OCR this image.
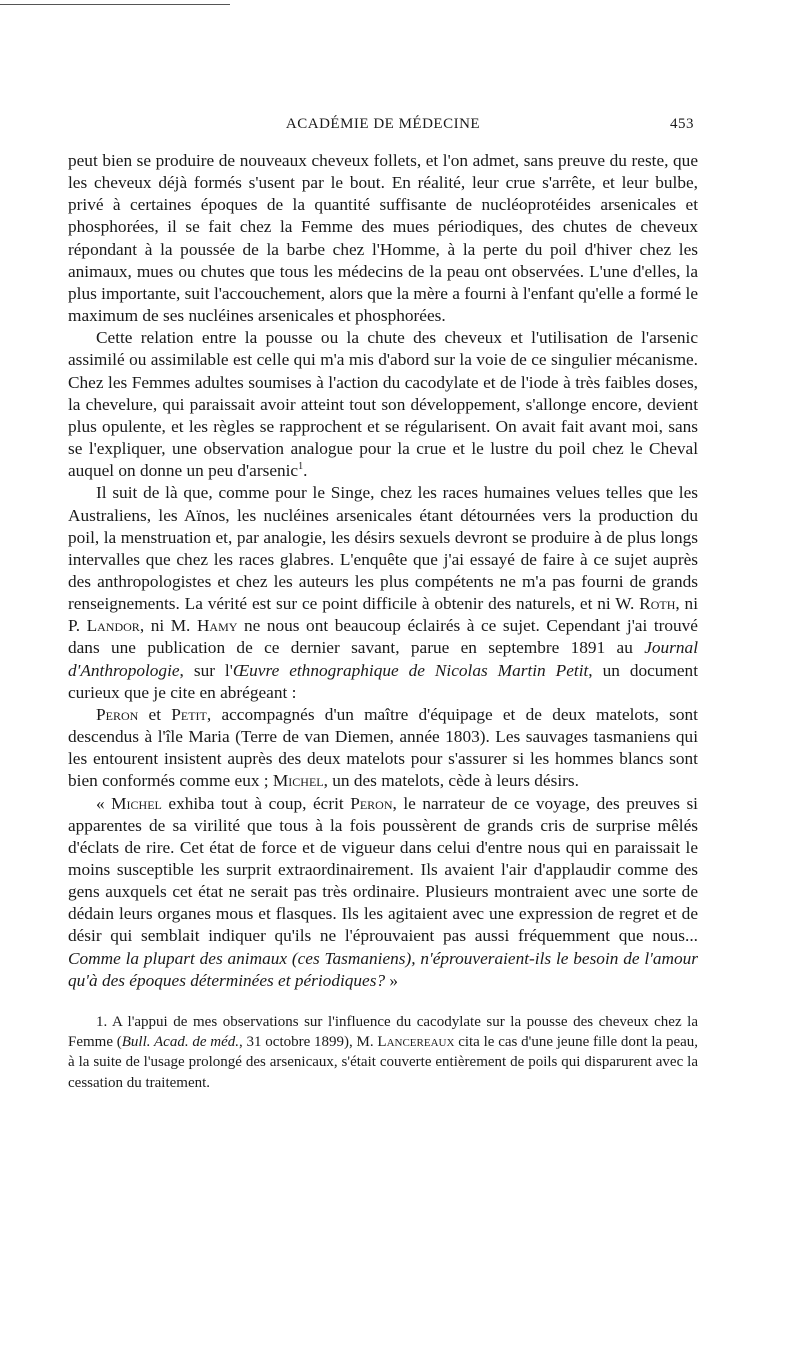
ACADÉMIE DE MÉDECINE	453

peut bien se produire de nouveaux cheveux follets, et l'on admet, sans preuve du reste, que les cheveux déjà formés s'usent par le bout. En réalité, leur crue s'arrête, et leur bulbe, privé à certaines époques de la quantité suffisante de nucléoprotéides arsenicales et phosphorées, il se fait chez la Femme des mues périodiques, des chutes de cheveux répondant à la poussée de la barbe chez l'Homme, à la perte du poil d'hiver chez les animaux, mues ou chutes que tous les médecins de la peau ont observées. L'une d'elles, la plus importante, suit l'accouchement, alors que la mère a fourni à l'enfant qu'elle a formé le maximum de ses nucléines arsenicales et phosphorées.

Cette relation entre la pousse ou la chute des cheveux et l'utilisation de l'arsenic assimilé ou assimilable est celle qui m'a mis d'abord sur la voie de ce singulier mécanisme. Chez les Femmes adultes soumises à l'action du cacodylate et de l'iode à très faibles doses, la chevelure, qui paraissait avoir atteint tout son développement, s'allonge encore, devient plus opulente, et les règles se rapprochent et se régularisent. On avait fait avant moi, sans se l'expliquer, une observation analogue pour la crue et le lustre du poil chez le Cheval auquel on donne un peu d'arsenic$^1$.

Il suit de là que, comme pour le Singe, chez les races humaines velues telles que les Australiens, les Aïnos, les nucléines arsenicales étant détournées vers la production du poil, la menstruation et, par analogie, les désirs sexuels devront se produire à de plus longs intervalles que chez les races glabres. L'enquête que j'ai essayé de faire à ce sujet auprès des anthropologistes et chez les auteurs les plus compétents ne m'a pas fourni de grands renseignements. La vérité est sur ce point difficile à obtenir des naturels, et ni W. Roth, ni P. Landor, ni M. Hamy ne nous ont beaucoup éclairés à ce sujet. Cependant j'ai trouvé dans une publication de ce dernier savant, parue en septembre 1891 au Journal d'Anthropologie, sur l'Œuvre ethnographique de Nicolas Martin Petit, un document curieux que je cite en abrégeant :

Peron et Petit, accompagnés d'un maître d'équipage et de deux matelots, sont descendus à l'île Maria (Terre de van Diemen, année 1803). Les sauvages tasmaniens qui les entourent insistent auprès des deux matelots pour s'assurer si les hommes blancs sont bien conformés comme eux ; Michel, un des matelots, cède à leurs désirs.

« Michel exhiba tout à coup, écrit Peron, le narrateur de ce voyage, des preuves si apparentes de sa virilité que tous à la fois poussèrent de grands cris de surprise mêlés d'éclats de rire. Cet état de force et de vigueur dans celui d'entre nous qui en paraissait le moins susceptible les surprit extraordinairement. Ils avaient l'air d'applaudir comme des gens auxquels cet état ne serait pas très ordinaire. Plusieurs montraient avec une sorte de dédain leurs organes mous et flasques. Ils les agitaient avec une expression de regret et de désir qui semblait indiquer qu'ils ne l'éprouvaient pas aussi fréquemment que nous... Comme la plupart des animaux (ces Tasmaniens), n'éprouveraient-ils le besoin de l'amour qu'à des époques déterminées et périodiques? »

1. A l'appui de mes observations sur l'influence du cacodylate sur la pousse des cheveux chez la Femme (Bull. Acad. de méd., 31 octobre 1899), M. Lancereaux cita le cas d'une jeune fille dont la peau, à la suite de l'usage prolongé des arsenicaux, s'était couverte entièrement de poils qui disparurent avec la cessation du traitement.
